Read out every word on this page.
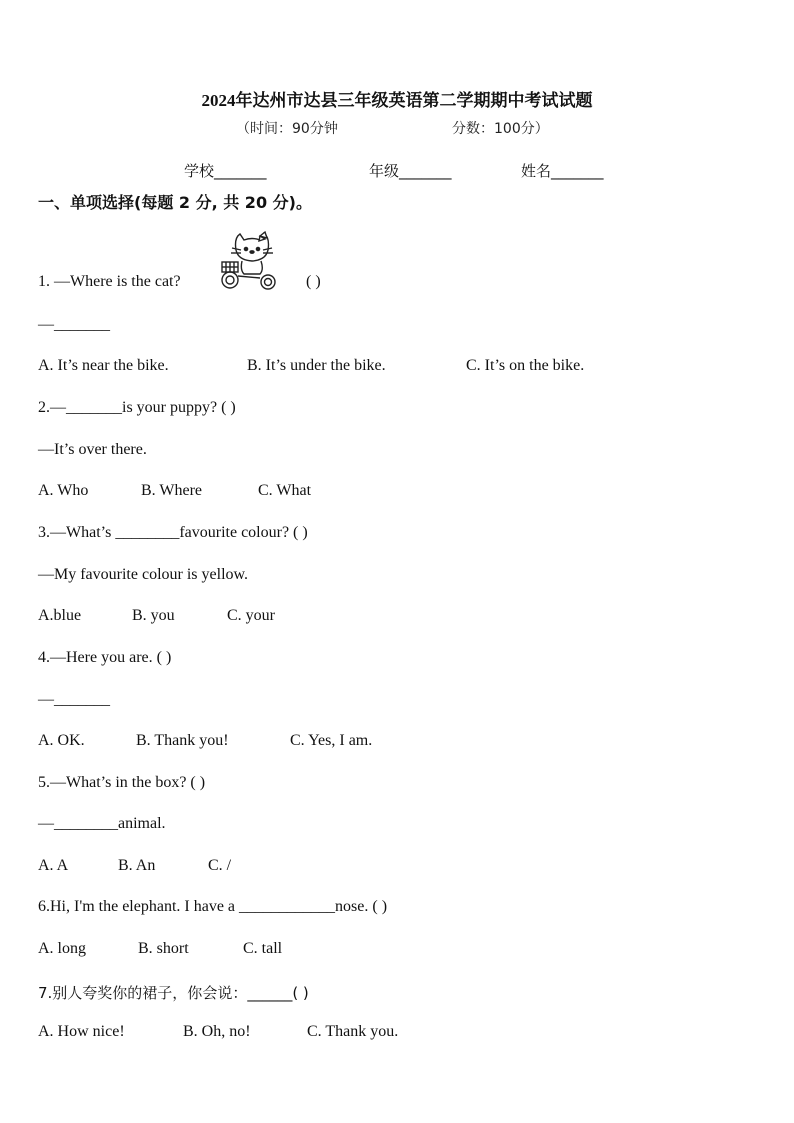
2024年达州市达县三年级英语第二学期期中考试试题
（时间：90分钟	分数：100分）
学校_______	年级_______	姓名_______
一、单项选择(每题 2 分, 共 20 分)。
1. —Where is the cat?	( )
—_______
A. It’s near the bike.	B. It’s under the bike.	C. It’s on the bike.
2.—_______is your puppy? ( )
—It’s over there.
A. Who	B. Where	C. What
3.—What’s ________favourite colour? ( )
—My favourite colour is yellow.
A.blue	B. you	C. your
4.—Here you are. ( )
—_______
A. OK.	B. Thank you!	C. Yes, I am.
5.—What’s in the box? ( )
—________animal.
A. A	B. An	C. /
6.Hi, I'm the elephant. I have a ____________nose. ( )
A. long	B. short	C. tall
7.别人夸奖你的裙子，你会说：______( )
A. How nice!	B. Oh, no!	C. Thank you.
